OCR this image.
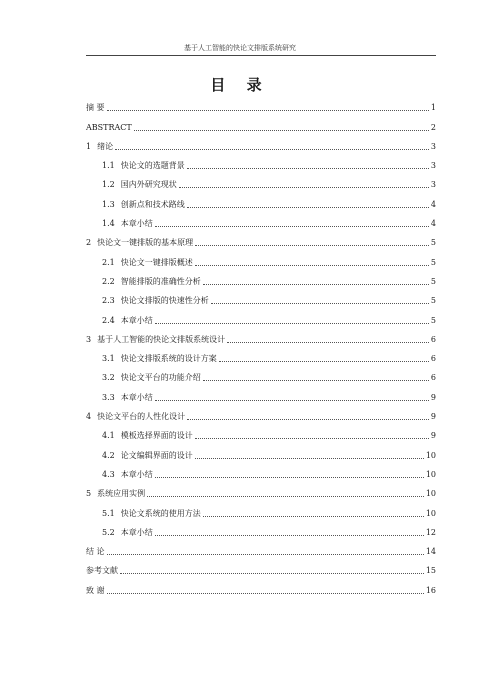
基于人工智能的快论文排版系统研究
目 录
摘 要	1
ABSTRACT	2
1 绪论	3
1.1 快论文的选题背景	3
1.2 国内外研究现状	3
1.3 创新点和技术路线	4
1.4 本章小结	4
2 快论文一键排版的基本原理	5
2.1 快论文一键排版概述	5
2.2 智能排版的准确性分析	5
2.3 快论文排版的快速性分析	5
2.4 本章小结	5
3 基于人工智能的快论文排版系统设计	6
3.1 快论文排版系统的设计方案	6
3.2 快论文平台的功能介绍	6
3.3 本章小结	9
4 快论文平台的人性化设计	9
4.1 模板选择界面的设计	9
4.2 论文编辑界面的设计	10
4.3 本章小结	10
5 系统应用实例	10
5.1 快论文系统的使用方法	10
5.2 本章小结	12
结 论	14
参考文献	15
致 谢	16
